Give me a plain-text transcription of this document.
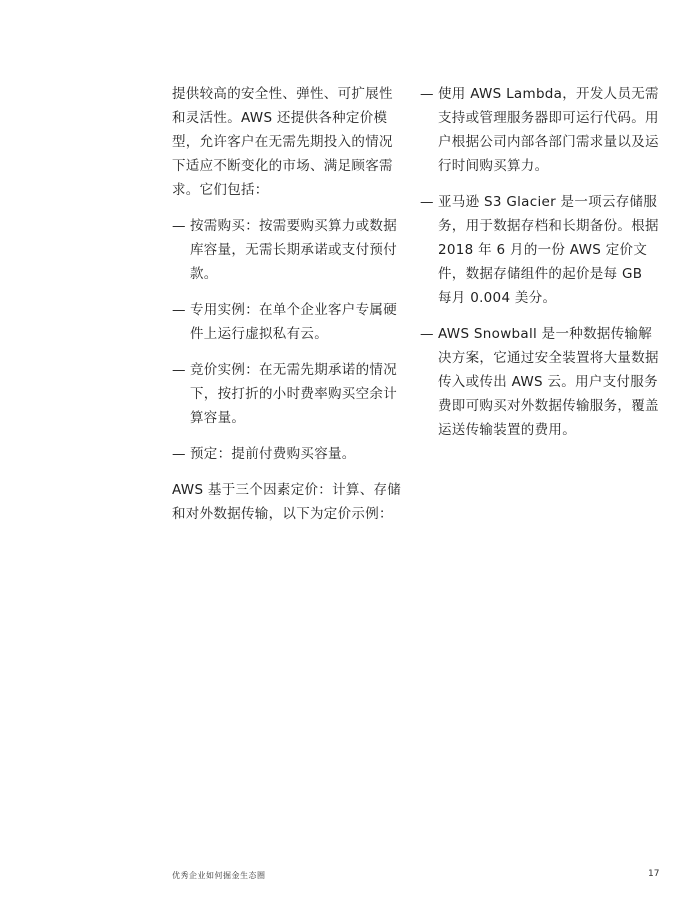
提供较高的安全性、弹性、可扩展性和灵活性。AWS 还提供各种定价模型，允许客户在无需先期投入的情况下适应不断变化的市场、满足顾客需求。它们包括：

— 按需购买：按需要购买算力或数据库容量，无需长期承诺或支付预付款。
— 专用实例：在单个企业客户专属硬件上运行虚拟私有云。
— 竞价实例：在无需先期承诺的情况下，按打折的小时费率购买空余计算容量。
— 预定：提前付费购买容量。

AWS 基于三个因素定价：计算、存储和对外数据传输，以下为定价示例：

— 使用 AWS Lambda，开发人员无需支持或管理服务器即可运行代码。用户根据公司内部各部门需求量以及运行时间购买算力。
— 亚马逊 S3 Glacier 是一项云存储服务，用于数据存档和长期备份。根据 2018 年 6 月的一份 AWS 定价文件，数据存储组件的起价是每 GB 每月 0.004 美分。
— AWS Snowball 是一种数据传输解决方案，它通过安全装置将大量数据传入或传出 AWS 云。用户支付服务费即可购买对外数据传输服务，覆盖运送传输装置的费用。
优秀企业如何掘金生态圈	17
